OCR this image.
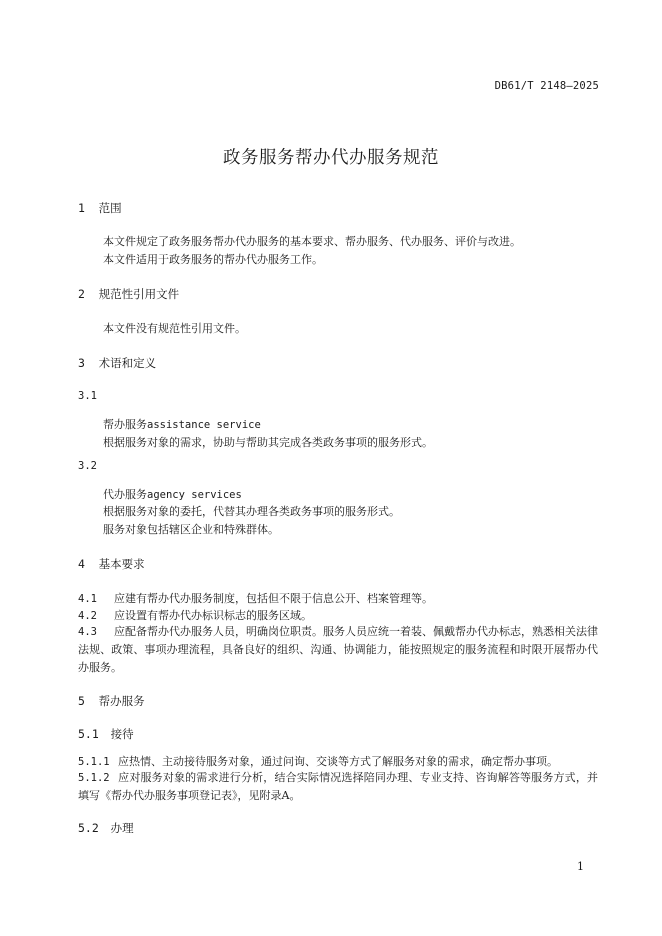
DB61/T 2148—2025
政务服务帮办代办服务规范
1 范围
本文件规定了政务服务帮办代办服务的基本要求、帮办服务、代办服务、评价与改进。
本文件适用于政务服务的帮办代办服务工作。
2 规范性引用文件
本文件没有规范性引用文件。
3 术语和定义
3.1
帮办服务assistance service
根据服务对象的需求，协助与帮助其完成各类政务事项的服务形式。
3.2
代办服务agency services
根据服务对象的委托，代替其办理各类政务事项的服务形式。
服务对象包括辖区企业和特殊群体。
4 基本要求
4.1 应建有帮办代办服务制度，包括但不限于信息公开、档案管理等。
4.2 应设置有帮办代办标识标志的服务区域。
4.3 应配备帮办代办服务人员，明确岗位职责。服务人员应统一着装、佩戴帮办代办标志，熟悉相关法律法规、政策、事项办理流程，具备良好的组织、沟通、协调能力，能按照规定的服务流程和时限开展帮办代办服务。
5 帮办服务
5.1 接待
5.1.1 应热情、主动接待服务对象，通过问询、交谈等方式了解服务对象的需求，确定帮办事项。
5.1.2 应对服务对象的需求进行分析，结合实际情况选择陪同办理、专业支持、咨询解答等服务方式，并填写《帮办代办服务事项登记表》，见附录A。
5.2 办理
1
